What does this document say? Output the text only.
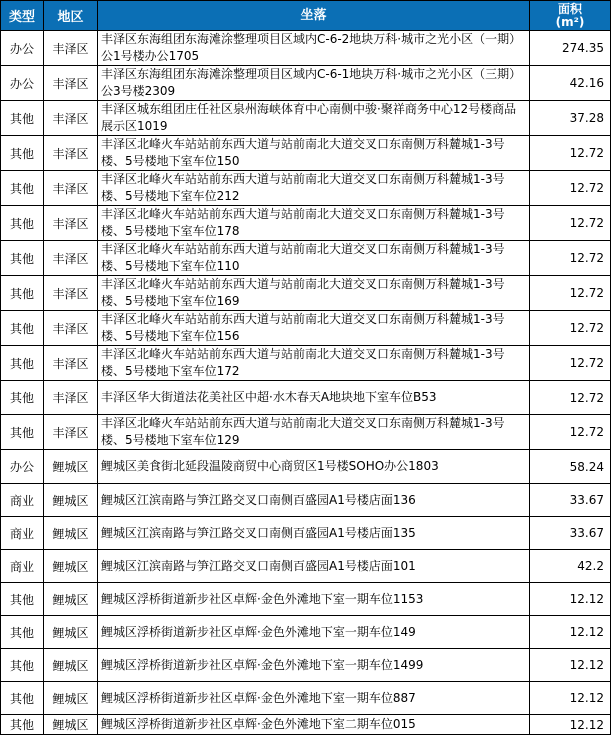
类型	地区	坐落	面积
(m²)

办公	丰泽区	丰泽区东海组团东海滩涂整理项目区域内C-6-2地块万科·城市之光小区（一期）公1号楼办公1705	274.35
办公	丰泽区	丰泽区东海组团东海滩涂整理项目区域内C-6-1地块万科·城市之光小区（三期）公3号楼2309	42.16
其他	丰泽区	丰泽区城东组团庄任社区泉州海峡体育中心南侧中骏·聚祥商务中心12号楼商品展示区1019	37.28
其他	丰泽区	丰泽区北峰火车站站前东西大道与站前南北大道交叉口东南侧万科麓城1-3号楼、5号楼地下室车位150	12.72
其他	丰泽区	丰泽区北峰火车站站前东西大道与站前南北大道交叉口东南侧万科麓城1-3号楼、5号楼地下室车位212	12.72
其他	丰泽区	丰泽区北峰火车站站前东西大道与站前南北大道交叉口东南侧万科麓城1-3号楼、5号楼地下室车位178	12.72
其他	丰泽区	丰泽区北峰火车站站前东西大道与站前南北大道交叉口东南侧万科麓城1-3号楼、5号楼地下室车位110	12.72
其他	丰泽区	丰泽区北峰火车站站前东西大道与站前南北大道交叉口东南侧万科麓城1-3号楼、5号楼地下室车位169	12.72
其他	丰泽区	丰泽区北峰火车站站前东西大道与站前南北大道交叉口东南侧万科麓城1-3号楼、5号楼地下室车位156	12.72
其他	丰泽区	丰泽区北峰火车站站前东西大道与站前南北大道交叉口东南侧万科麓城1-3号楼、5号楼地下室车位172	12.72
其他	丰泽区	丰泽区华大街道法花美社区中超·水木春天A地块地下室车位B53	12.72
其他	丰泽区	丰泽区北峰火车站站前东西大道与站前南北大道交叉口东南侧万科麓城1-3号楼、5号楼地下室车位129	12.72
办公	鲤城区	鲤城区美食街北延段温陵商贸中心商贸区1号楼SOHO办公1803	58.24
商业	鲤城区	鲤城区江滨南路与笋江路交叉口南侧百盛园A1号楼店面136	33.67
商业	鲤城区	鲤城区江滨南路与笋江路交叉口南侧百盛园A1号楼店面135	33.67
商业	鲤城区	鲤城区江滨南路与笋江路交叉口南侧百盛园A1号楼店面101	42.2
其他	鲤城区	鲤城区浮桥街道新步社区卓辉·金色外滩地下室一期车位1153	12.12
其他	鲤城区	鲤城区浮桥街道新步社区卓辉·金色外滩地下室一期车位149	12.12
其他	鲤城区	鲤城区浮桥街道新步社区卓辉·金色外滩地下室一期车位1499	12.12
其他	鲤城区	鲤城区浮桥街道新步社区卓辉·金色外滩地下室一期车位887	12.12
其他	鲤城区	鲤城区浮桥街道新步社区卓辉·金色外滩地下室二期车位015	12.12
